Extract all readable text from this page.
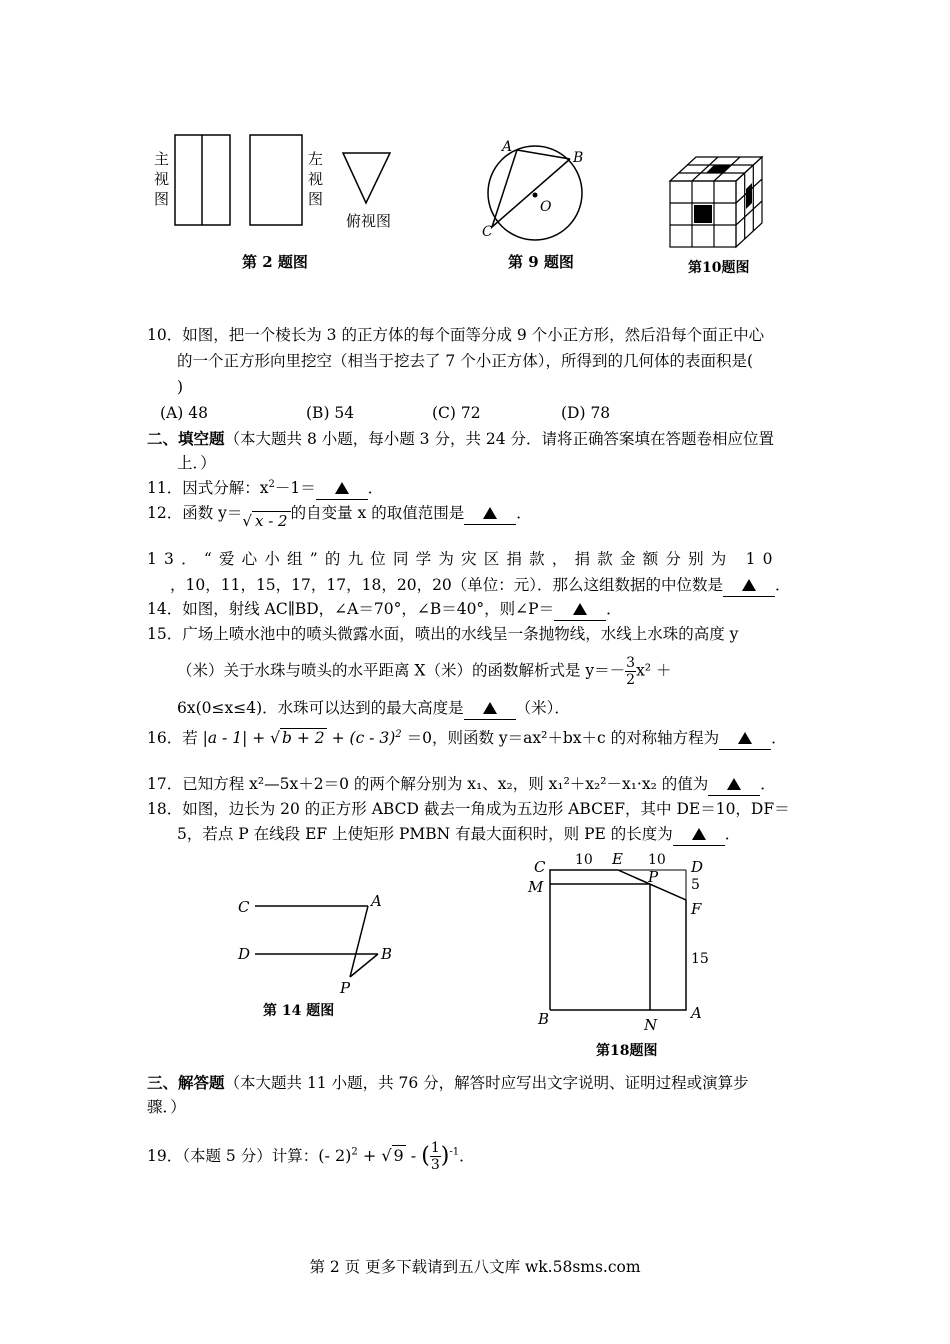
主
视
图
左
视
图
俯视图
第 2 题图
A
B
C
O
第 9 题图	第10题图
10．如图，把一个棱长为 3 的正方体的每个面等分成 9 个小正方形，然后沿每个面正中心
的一个正方形向里挖空（相当于挖去了 7 个小正方体），所得到的几何体的表面积是(
)
(A) 48	(B) 54	(C) 72	(D) 78
二、填空题（本大题共 8 小题，每小题 3 分，共 24 分．请将正确答案填在答题卷相应位置
上．）
11．因式分解：$x^2-1=$	．
12．函数 y＝√ x - 2 的自变量 x 的取值范围是	．
13．“爱心小组”的九位同学为灾区捐款，捐款金额分别为 10
，10，11，15，17，17，18，20，20（单位：元）．那么这组数据的中位数是	．
14．如图，射线 AC∥BD，∠A＝70°，∠B＝40°，则∠P＝	．
15．广场上喷水池中的喷头微露水面，喷出的水线呈一条抛物线，水线上水珠的高度 y
（米）关于水珠与喷头的水平距离 X（米）的函数解析式是 $y=- \frac{3}{2} x^2$ ＋
6x(0≤x≤4)．水珠可以达到的最大高度是	（米）．
16．若 |a - 1| + √ b + 2 + (c - 3)$^2$ ＝0，则函数 y＝ax²＋bx＋c 的对称轴方程为	．
17．已知方程 x²—5x＋2＝0 的两个解分别为 x₁、x₂，则 x₁²＋x₂²－x₁·x₂ 的值为	．
18．如图，边长为 20 的正方形 ABCD 截去一角成为五边形 ABCEF，其中 DE＝10，DF＝
5，若点 P 在线段 EF 上使矩形 PMBN 有最大面积时，则 PE 的长度为	．
C	A
D	B
P
第 14 题图
C 10 E 10 D
M
P 5
F
15
B	N
A
第18题图
三、解答题（本大题共 11 小题，共 76 分，解答时应写出文字说明、证明过程或演算步
骤．）
19．（本题 5 分）计算：(- 2)$^2$ + √ 9 - ( $\frac{1}{3} )^{-1}$．
第 2 页 更多下载请到五八文库 wk.58sms.com
